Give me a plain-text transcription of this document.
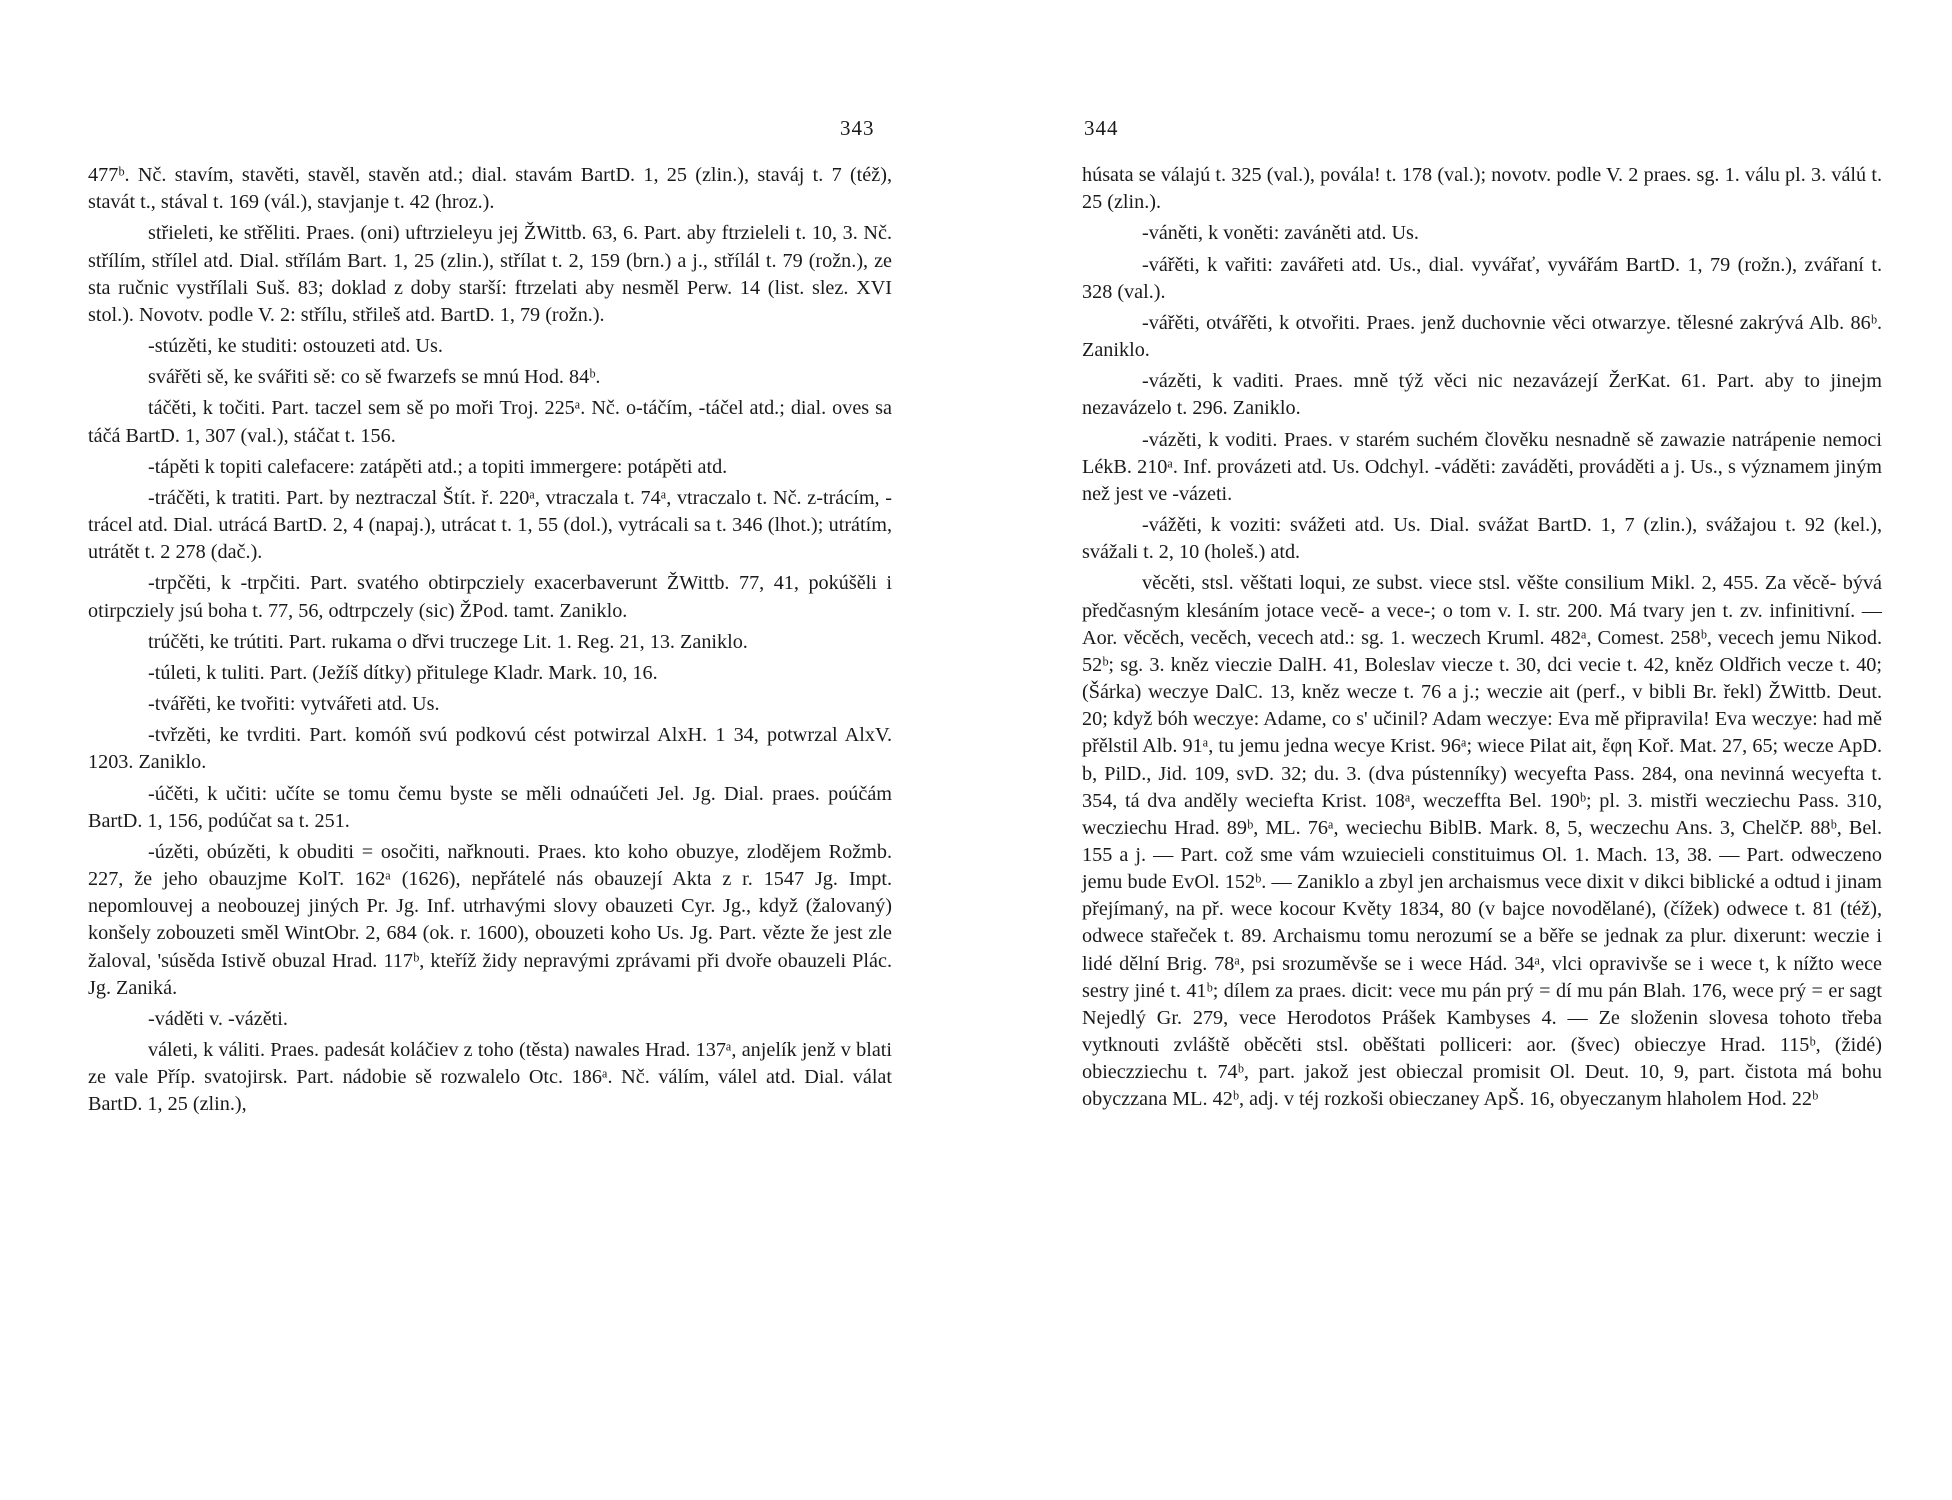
343

477ᵇ. Nč. stavím, stavěti, stavěl, stavěn atd.; dial. stavám BartD. 1, 25 (zlin.), staváj t. 7 (též), stavát t., stával t. 169 (vál.), stavjanje t. 42 (hroz.).

střieleti, ke střěliti. Praes. (oni) uftrzieleyu jej ŽWittb. 63, 6. Part. aby ftrzieleli t. 10, 3. Nč. střílím, střílel atd. Dial. střílám Bart. 1, 25 (zlin.), střílat t. 2, 159 (brn.) a j., střílál t. 79 (rožn.), ze sta ručnic vystřílali Suš. 83; doklad z doby starší: ftrzelati aby nesměl Perw. 14 (list. slez. XVI stol.). Novotv. podle V. 2: střílu, střileš atd. BartD. 1, 79 (rožn.).

-stúzěti, ke studiti: ostouzeti atd. Us.

svářěti sě, ke svářiti sě: co sě fwarzefs se mnú Hod. 84ᵇ.

táčěti, k točiti. Part. taczel sem sě po moři Troj. 225ᵃ. Nč. o-táčím, -táčel atd.; dial. oves sa táčá BartD. 1, 307 (val.), stáčat t. 156.

-tápěti k topiti calefacere: zatápěti atd.; a topiti immergere: potápěti atd.

-tráčěti, k tratiti. Part. by neztraczal Štít. ř. 220ᵃ, vtraczala t. 74ᵃ, vtraczalo t. Nč. z-trácím, -trácel atd. Dial. utrácá BartD. 2, 4 (napaj.), utrácat t. 1, 55 (dol.), vytrácali sa t. 346 (lhot.); utrátím, utrátět t. 2 278 (dač.).

-trpčěti, k -trpčiti. Part. svatého obtirpcziely exacerbaverunt ŽWittb. 77, 41, pokúšěli i otirpcziely jsú boha t. 77, 56, odtrpczely (sic) ŽPod. tamt. Zaniklo.

trúčěti, ke trútiti. Part. rukama o dřvi truczege Lit. 1. Reg. 21, 13. Zaniklo.

-túleti, k tuliti. Part. (Ježíš dítky) přitulege Kladr. Mark. 10, 16.

-tvářěti, ke tvořiti: vytvářeti atd. Us.

-tvřzěti, ke tvrditi. Part. komóň svú podkovú cést potwirzal AlxH. 1 34, potwrzal AlxV. 1203. Zaniklo.

-účěti, k učiti: učíte se tomu čemu byste se měli odnaúčeti Jel. Jg. Dial. praes. poúčám BartD. 1, 156, podúčat sa t. 251.

-úzěti, obúzěti, k obuditi = osočiti, nařknouti. Praes. kto koho obuzye, zlodějem Rožmb. 227, že jeho obauzjme KolT. 162ᵃ (1626), nepřátelé nás obauzejí Akta z r. 1547 Jg. Impt. nepomlouvej a neobouzej jiných Pr. Jg. Inf. utrhavými slovy obauzeti Cyr. Jg., když (žalovaný) konšely zobouzeti směl WintObr. 2, 684 (ok. r. 1600), obouzeti koho Us. Jg. Part. vězte že jest zle žaloval, 'súsěda Istivě obuzal Hrad. 117ᵇ, kteříž židy nepravými zprávami při dvoře obauzeli Plác. Jg. Zaniká.

-váděti v. -vázěti.

váleti, k váliti. Praes. padesát koláčiev z toho (těsta) nawales Hrad. 137ᵃ, anjelík jenž v blati ze vale Příp. svatojirsk. Part. nádobie sě rozwalelo Otc. 186ᵃ. Nč. válím, válel atd. Dial. válat BartD. 1, 25 (zlin.),

344

húsata se válajú t. 325 (val.), povála! t. 178 (val.); novotv. podle V. 2 praes. sg. 1. válu pl. 3. válú t. 25 (zlin.).

-váněti, k voněti: zaváněti atd. Us.

-vářěti, k vařiti: zavářeti atd. Us., dial. vyvářať, vyvářám BartD. 1, 79 (rožn.), zvářaní t. 328 (val.).

-vářěti, otvářěti, k otvořiti. Praes. jenž duchovnie věci otwarzye. tělesné zakrývá Alb. 86ᵇ. Zaniklo.

-vázěti, k vaditi. Praes. mně týž věci nic nezavázejí ŽerKat. 61. Part. aby to jinejm nezavázelo t. 296. Zaniklo.

-vázěti, k voditi. Praes. v starém suchém člověku nesnadně sě zawazie natrápenie nemoci LékB. 210ᵃ. Inf. provázeti atd. Us. Odchyl. -váděti: zaváděti, prováděti a j. Us., s významem jiným než jest ve -vázeti.

-vážěti, k voziti: svážeti atd. Us. Dial. svážat BartD. 1, 7 (zlin.), svážajou t. 92 (kel.), svážali t. 2, 10 (holeš.) atd.

věcěti, stsl. věštati loqui, ze subst. viece stsl. věšte consilium Mikl. 2, 455. Za věcě- bývá předčasným klesáním jotace vecě- a vece-; o tom v. I. str. 200. Má tvary jen t. zv. infinitivní. — Aor. věcěch, vecěch, vecech atd.: sg. 1. weczech Kruml. 482ᵃ, Comest. 258ᵇ, vecech jemu Nikod. 52ᵇ; sg. 3. kněz vieczie DalH. 41, Boleslav viecze t. 30, dci vecie t. 42, kněz Oldřich vecze t. 40; (Šárka) weczye DalC. 13, kněz wecze t. 76 a j.; weczie ait (perf., v bibli Br. řekl) ŽWittb. Deut. 20; když bóh weczye: Adame, co s' učinil? Adam weczye: Eva mě připravila! Eva weczye: had mě přělstil Alb. 91ᵃ, tu jemu jedna wecye Krist. 96ᵃ; wiece Pilat ait, ἔφη Koř. Mat. 27, 65; wecze ApD. b, PilD., Jid. 109, svD. 32; du. 3. (dva pústenníky) wecyefta Pass. 284, ona nevinná wecyefta t. 354, tá dva anděly weciefta Krist. 108ᵃ, weczeffta Bel. 190ᵇ; pl. 3. mistři wecziechu Pass. 310, wecziechu Hrad. 89ᵇ, ML. 76ᵃ, weciechu BiblB. Mark. 8, 5, weczechu Ans. 3, ChelčP. 88ᵇ, Bel. 155 a j. — Part. což sme vám wzuiecieli constituimus Ol. 1. Mach. 13, 38. — Part. odweczeno jemu bude EvOl. 152ᵇ. — Zaniklo a zbyl jen archaismus vece dixit v dikci biblické a odtud i jinam přejímaný, na př. wece kocour Květy 1834, 80 (v bajce novodělané), (čížek) odwece t. 81 (též), odwece stařeček t. 89. Archaismu tomu nerozumí se a běře se jednak za plur. dixerunt: weczie i lidé dělní Brig. 78ᵃ, psi srozuměvše se i wece Hád. 34ᵃ, vlci opravivše se i wece t, k nížto wece sestry jiné t. 41ᵇ; dílem za praes. dicit: vece mu pán prý = dí mu pán Blah. 176, wece prý = er sagt Nejedlý Gr. 279, vece Herodotos Prášek Kambyses 4. — Ze složenin slovesa tohoto třeba vytknouti zvláště oběcěti stsl. oběštati polliceri: aor. (švec) obieczye Hrad. 115ᵇ, (židé) obieczziechu t. 74ᵇ, part. jakož jest obieczal promisit Ol. Deut. 10, 9, part. čistota má bohu obyczzana ML. 42ᵇ, adj. v téj rozkoši obieczaney ApŠ. 16, obyeczanym hlaholem Hod. 22ᵇ
